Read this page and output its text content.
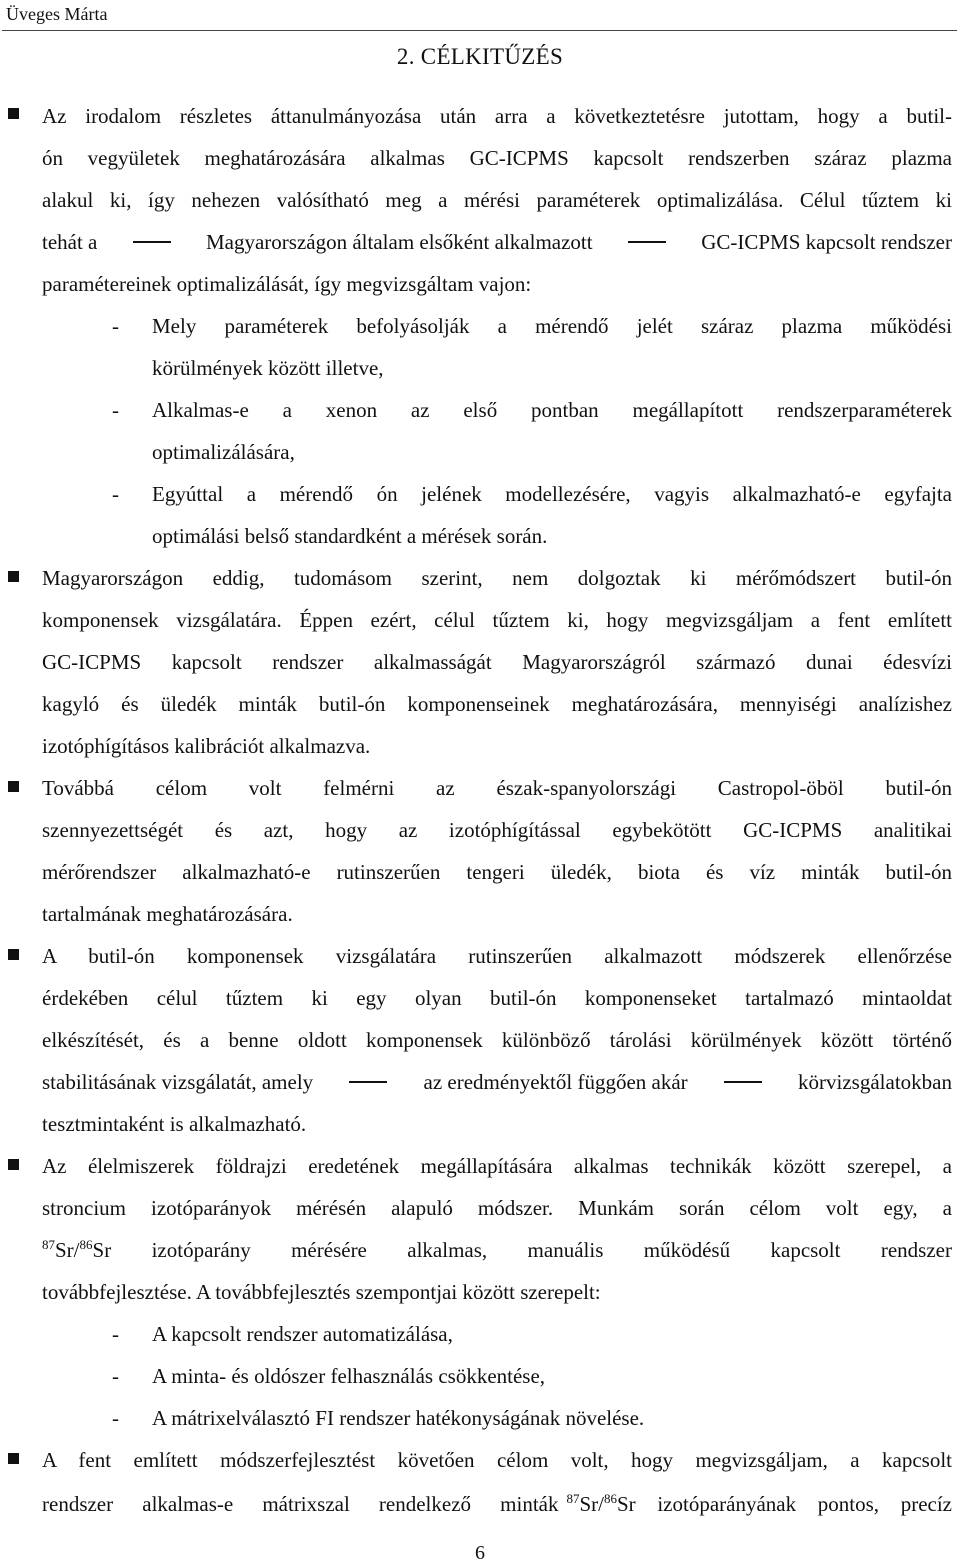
Üveges Márta
2. CÉLKITŰZÉS
Az irodalom részletes áttanulmányozása után arra a következtetésre jutottam, hogy a butil-
ón vegyületek meghatározására alkalmas GC-ICPMS kapcsolt rendszerben száraz plazma
alakul ki, így nehezen valósítható meg a mérési paraméterek optimalizálása. Célul tűztem ki
tehát a	Magyarországon általam elsőként alkalmazott	GC-ICPMS kapcsolt rendszer
paramétereinek optimalizálását, így megvizsgáltam vajon:
- Mely paraméterek befolyásolják a mérendő jelét száraz plazma működési
körülmények között illetve,
- Alkalmas-e a xenon az első pontban megállapított rendszerparaméterek
optimalizálására,
- Egyúttal a mérendő ón jelének modellezésére, vagyis alkalmazható-e egyfajta
optimálási belső standardként a mérések során.
Magyarországon eddig, tudomásom szerint, nem dolgoztak ki mérőmódszert butil-ón
komponensek vizsgálatára. Éppen ezért, célul tűztem ki, hogy megvizsgáljam a fent említett
GC-ICPMS kapcsolt rendszer alkalmasságát Magyarországról származó dunai édesvízi
kagyló és üledék minták butil-ón komponenseinek meghatározására, mennyiségi analízishez
izotóphígításos kalibrációt alkalmazva.
Továbbá célom volt felmérni az észak-spanyolországi Castropol-öböl butil-ón
szennyezettségét és azt, hogy az izotóphígítással egybekötött GC-ICPMS analitikai
mérőrendszer alkalmazható-e rutinszerűen tengeri üledék, biota és víz minták butil-ón
tartalmának meghatározására.
A butil-ón komponensek vizsgálatára rutinszerűen alkalmazott módszerek ellenőrzése
érdekében célul tűztem ki egy olyan butil-ón komponenseket tartalmazó mintaoldat
elkészítését, és a benne oldott komponensek különböző tárolási körülmények között történő
stabilitásának vizsgálatát, amely	az eredményektől függően akár	körvizsgálatokban
tesztmintaként is alkalmazható.
Az élelmiszerek földrajzi eredetének megállapítására alkalmas technikák között szerepel, a
stroncium izotóparányok mérésén alapuló módszer. Munkám során célom volt egy, a
$^{87}$Sr/$^{86}$ Sr izotóparány mérésére alkalmas, manuális működésű kapcsolt rendszer
továbbfejlesztése. A továbbfejlesztés szempontjai között szerepelt:
- A kapcsolt rendszer automatizálása,
- A minta- és oldószer felhasználás csökkentése,
- A mátrixelválasztó FI rendszer hatékonyságának növelése.
A fent említett módszerfejlesztést követően célom volt, hogy megvizsgáljam, a kapcsolt
rendszer alkalmas-e mátrixszal rendelkező minták $^{87}$Sr/$^{86}$ Sr izotóparányának pontos, precíz
6
